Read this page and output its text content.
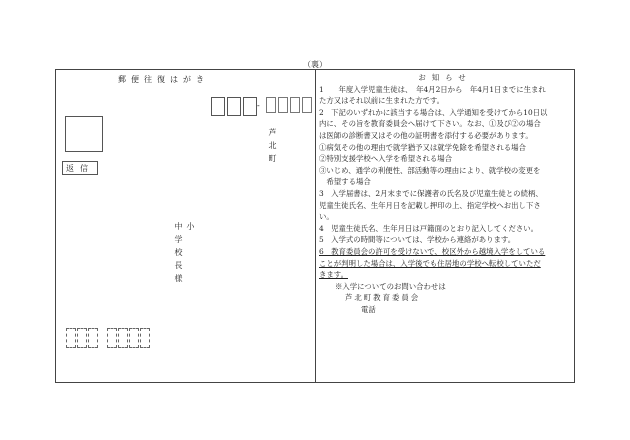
（裏）
郵便往復はがき
-
芦北町
返信
小
中学校長様
お知らせ
1　　年度入学児童生徒は、　年4月2日から　年4月1日までに生まれ
た方又はそれ以前に生まれた方です。
2　下記のいずれかに該当する場合は、入学通知を受けてから10日以
内に、その旨を教育委員会へ届けて下さい。なお、①及び②の場合
は医師の診断書又はその他の証明書を添付する必要があります。
①病気その他の理由で就学猶予又は就学免除を希望される場合
②特別支援学校へ入学を希望される場合
③いじめ、通学の利便性、部活動等の理由により、就学校の変更を
　希望する場合
3　入学届書は、2月末までに保護者の氏名及び児童生徒との続柄、
児童生徒氏名、生年月日を記載し押印の上、指定学校へお出し下さ
い。
4　児童生徒氏名、生年月日は戸籍面のとおり記入してください。
5　入学式の時間等については、学校から連絡があります。
6　教育委員会の許可を受けないで、校区外から越境入学をしている
ことが判明した場合は、入学後でも住居地の学校へ転校していただ
きます。
※入学についてのお問い合わせは
芦北町教育委員会
電話
